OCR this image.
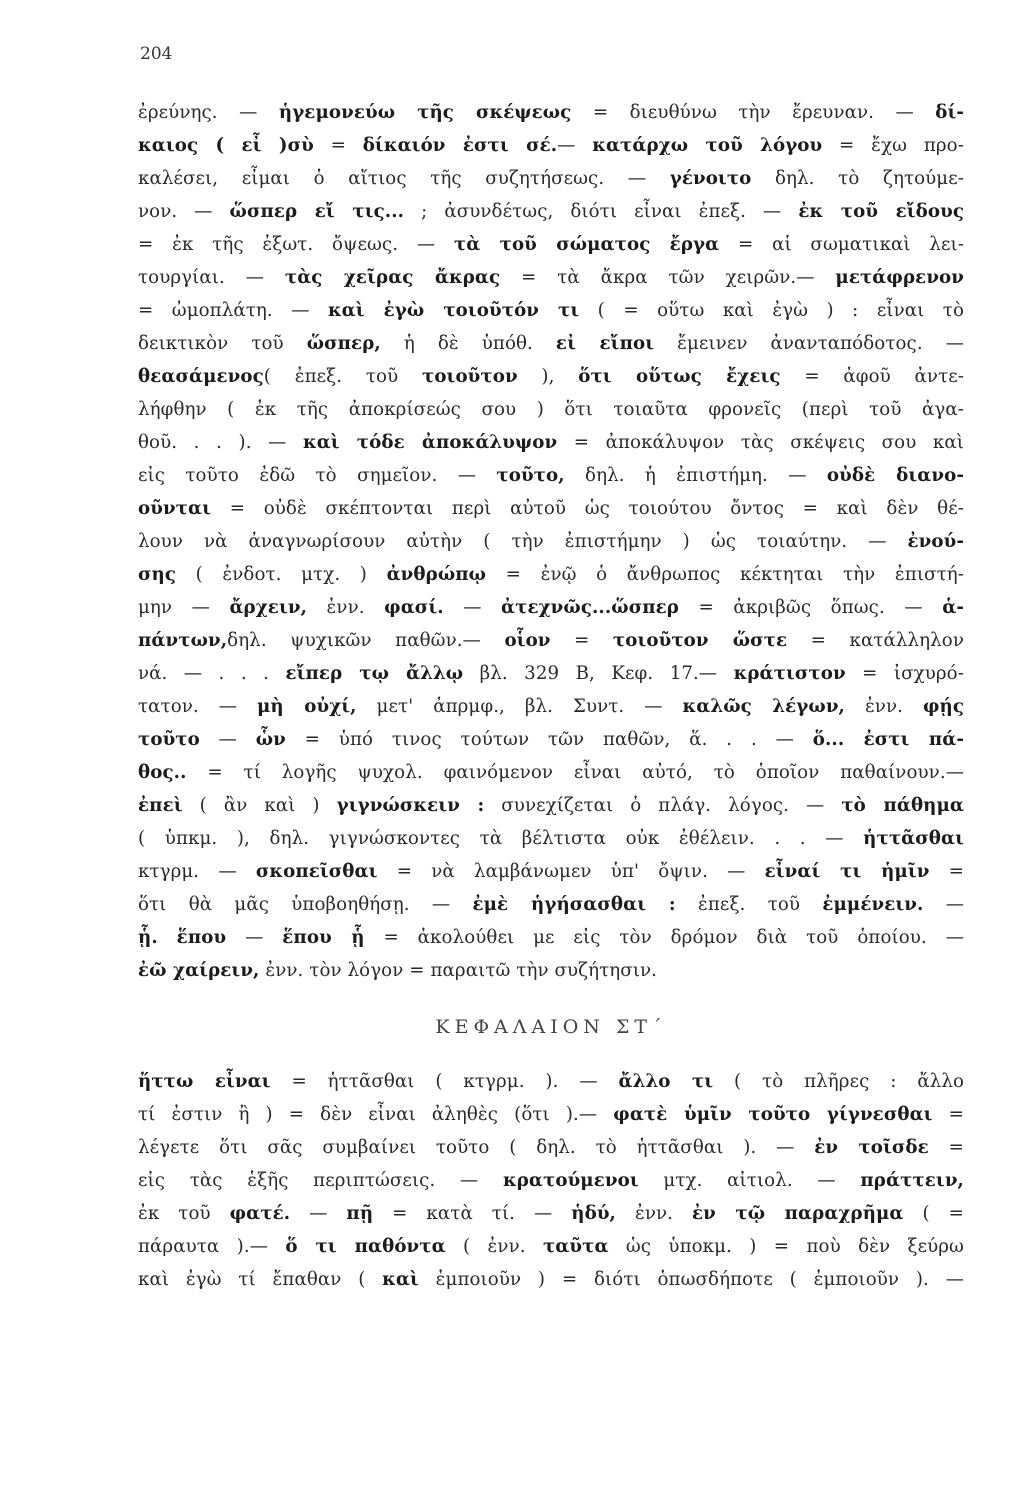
204
ἐρεύνης. — ἡγεμονεύω τῆς σκέψεως = διευθύνω τὴν ἔρευναν. — δί-
καιος ( εἶ )σὺ = δίκαιόν ἐστι σέ.— κατάρχω τοῦ λόγου = ἔχω προ-
καλέσει, εἶμαι ὁ αἴτιος τῆς συζητήσεως. — γένοιτο δηλ. τὸ ζητούμε-
νον. — ὥσπερ εἴ τις... ; ἀσυνδέτως, διότι εἶναι ἐπεξ. — ἐκ τοῦ εἴδους
= ἐκ τῆς ἐξωτ. ὄψεως. — τὰ τοῦ σώματος ἔργα = αἱ σωματικαὶ λει-
τουργίαι. — τὰς χεῖρας ἄκρας = τὰ ἄκρα τῶν χειρῶν.— μετάφρενον
= ὠμοπλάτη. — καὶ ἐγὼ τοιοῦτόν τι ( = οὕτω καὶ ἐγὼ ) : εἶναι τὸ
δεικτικὸν τοῦ ὥσπερ, ἡ δὲ ὑπόθ. εἰ εἴποι ἔμεινεν ἀνανταπόδοτος. —
θεασάμενος( ἐπεξ. τοῦ τοιοῦτον ), ὅτι οὕτως ἔχεις = ἀφοῦ ἀντε-
λήφθην ( ἐκ τῆς ἀποκρίσεώς σου ) ὅτι τοιαῦτα φρονεῖς (περὶ τοῦ ἀγα-
θοῦ. . . ). — καὶ τόδε ἀποκάλυψον = ἀποκάλυψον τὰς σκέψεις σου καὶ
εἰς τοῦτο ἐδῶ τὸ σημεῖον. — τοῦτο, δηλ. ἡ ἐπιστήμη. — οὐδὲ διανο-
οῦνται = οὐδὲ σκέπτονται περὶ αὐτοῦ ὡς τοιούτου ὄντος = καὶ δὲν θέ-
λουν νὰ ἀναγνωρίσουν αὐτὴν ( τὴν ἐπιστήμην ) ὡς τοιαύτην. — ἐνού-
σης ( ἐνδοτ. μτχ. ) ἀνθρώπῳ = ἐνῷ ὁ ἄνθρωπος κέκτηται τὴν ἐπιστή-
μην — ἄρχειν, ἐνν. φασί. — ἀτεχνῶς...ὥσπερ = ἀκριβῶς ὅπως. — ἁ-
πάντων,δηλ. ψυχικῶν παθῶν.— οἷον = τοιοῦτον ὥστε = κατάλληλον
νά. — . . . εἴπερ τῳ ἄλλῳ βλ. 329 Β, Κεφ. 17.— κράτιστον = ἰσχυρό-
τατον. — μὴ οὐχί, μετ' ἀπρμφ., βλ. Συντ. — καλῶς λέγων, ἐνν. φῄς
τοῦτο — ὧν = ὑπό τινος τούτων τῶν παθῶν, ἅ. . . — ὅ... ἐστι πά-
θος.. = τί λογῆς ψυχολ. φαινόμενον εἶναι αὐτό, τὸ ὁποῖον παθαίνουν.—
ἐπεὶ ( ἂν καὶ ) γιγνώσκειν : συνεχίζεται ὁ πλάγ. λόγος. — τὸ πάθημα
( ὑπκμ. ), δηλ. γιγνώσκοντες τὰ βέλτιστα οὐκ ἐθέλειν. . . — ἡττᾶσθαι
κτγρμ. — σκοπεῖσθαι = νὰ λαμβάνωμεν ὑπ' ὄψιν. — εἶναί τι ἡμῖν =
ὅτι θὰ μᾶς ὑποβοηθήσῃ. — ἐμὲ ἡγήσασθαι : ἐπεξ. τοῦ ἐμμένειν. —
ᾗ. ἕπου — ἕπου ᾗ = ἀκολούθει με εἰς τὸν δρόμον διὰ τοῦ ὁποίου. —
ἐῶ χαίρειν, ἐνν. τὸν λόγον = παραιτῶ τὴν συζήτησιν.
ΚΕΦΑΛΑΙΟΝ ΣΤ΄
ἥττω εἶναι = ἡττᾶσθαι ( κτγρμ. ). — ἄλλο τι ( τὸ πλῆρες : ἄλλο
τί ἐστιν ἢ ) = δὲν εἶναι ἀληθὲς (ὅτι ).— φατὲ ὑμῖν τοῦτο γίγνεσθαι =
λέγετε ὅτι σᾶς συμβαίνει τοῦτο ( δηλ. τὸ ἡττᾶσθαι ). — ἐν τοῖσδε =
εἰς τὰς ἑξῆς περιπτώσεις. — κρατούμενοι μτχ. αἰτιολ. — πράττειν,
ἐκ τοῦ φατέ. — πῇ = κατὰ τί. — ἡδύ, ἐνν. ἐν τῷ παραχρῆμα ( =
πάραυτα ).— ὅ τι παθόντα ( ἐνν. ταῦτα ὡς ὑποκμ. ) = ποὺ δὲν ξεύρω
καὶ ἐγὼ τί ἔπαθαν ( καὶ ἐμποιοῦν ) = διότι ὁπωσδήποτε ( ἐμποιοῦν ). —
